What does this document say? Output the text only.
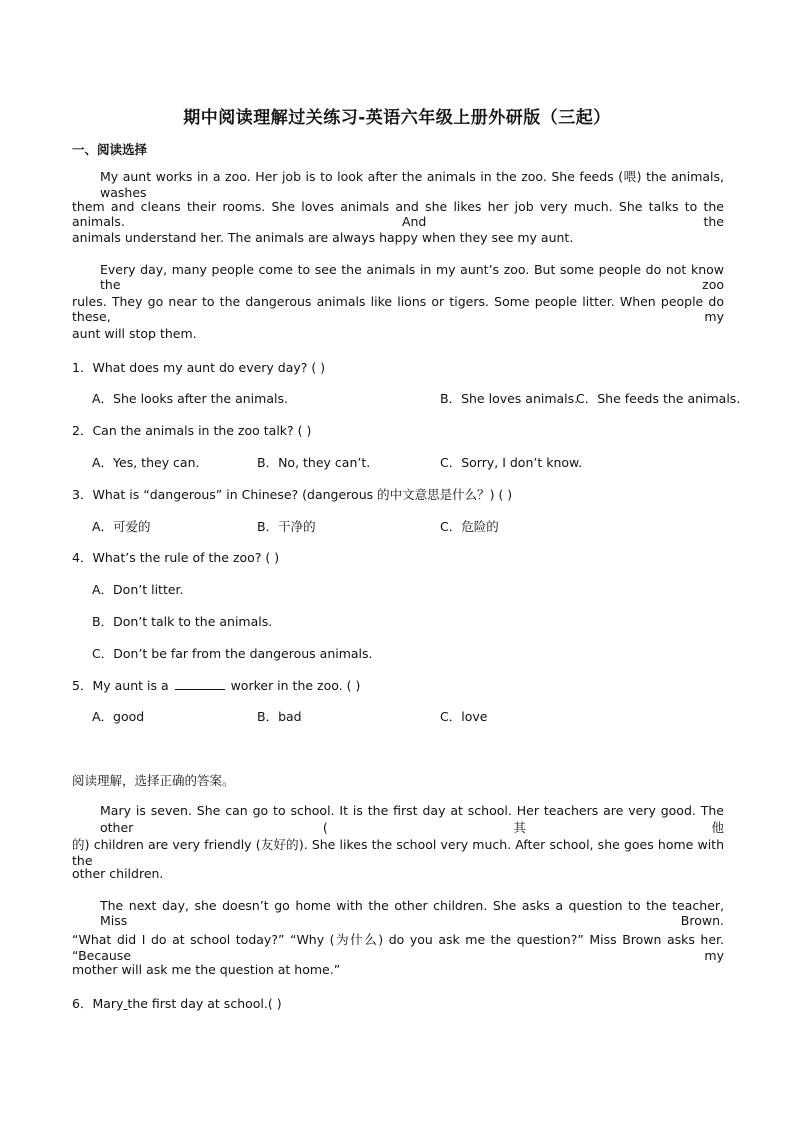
期中阅读理解过关练习-英语六年级上册外研版（三起）
一、阅读选择
My aunt works in a zoo. Her job is to look after the animals in the zoo. She feeds (喂) the animals, washes
them and cleans their rooms. She loves animals and she likes her job very much. She talks to the animals. And the
animals understand her. The animals are always happy when they see my aunt.
Every day, many people come to see the animals in my aunt’s zoo. But some people do not know the zoo
rules. They go near to the dangerous animals like lions or tigers. Some people litter. When people do these, my
aunt will stop them.
1．What does my aunt do every day? ( )
A．She looks after the animals.	B．She loves animals.
C．She feeds the animals.
2．Can the animals in the zoo talk? ( )
A．Yes, they can.	B．No, they can’t.	C．Sorry, I don’t know.
3．What is “dangerous” in Chinese? (dangerous 的中文意思是什么？) ( )
A．可爱的	B．干净的	C．危险的
4．What’s the rule of the zoo? ( )
A．Don’t litter.
B．Don’t talk to the animals.
C．Don’t be far from the dangerous animals.
5．My aunt is a	worker in the zoo. ( )
A．good	B．bad	C．love
阅读理解，选择正确的答案。
Mary is seven. She can go to school. It is the first day at school. Her teachers are very good. The other (其他
的) children are very friendly (友好的). She likes the school very much. After school, she goes home with the
other children.
The next day, she doesn’t go home with the other children. She asks a question to the teacher, Miss Brown.
“What did I do at school today?” “Why (为什么) do you ask me the question?” Miss Brown asks her. “Because my
mother will ask me the question at home.”
6．Mary the first day at school.( )
